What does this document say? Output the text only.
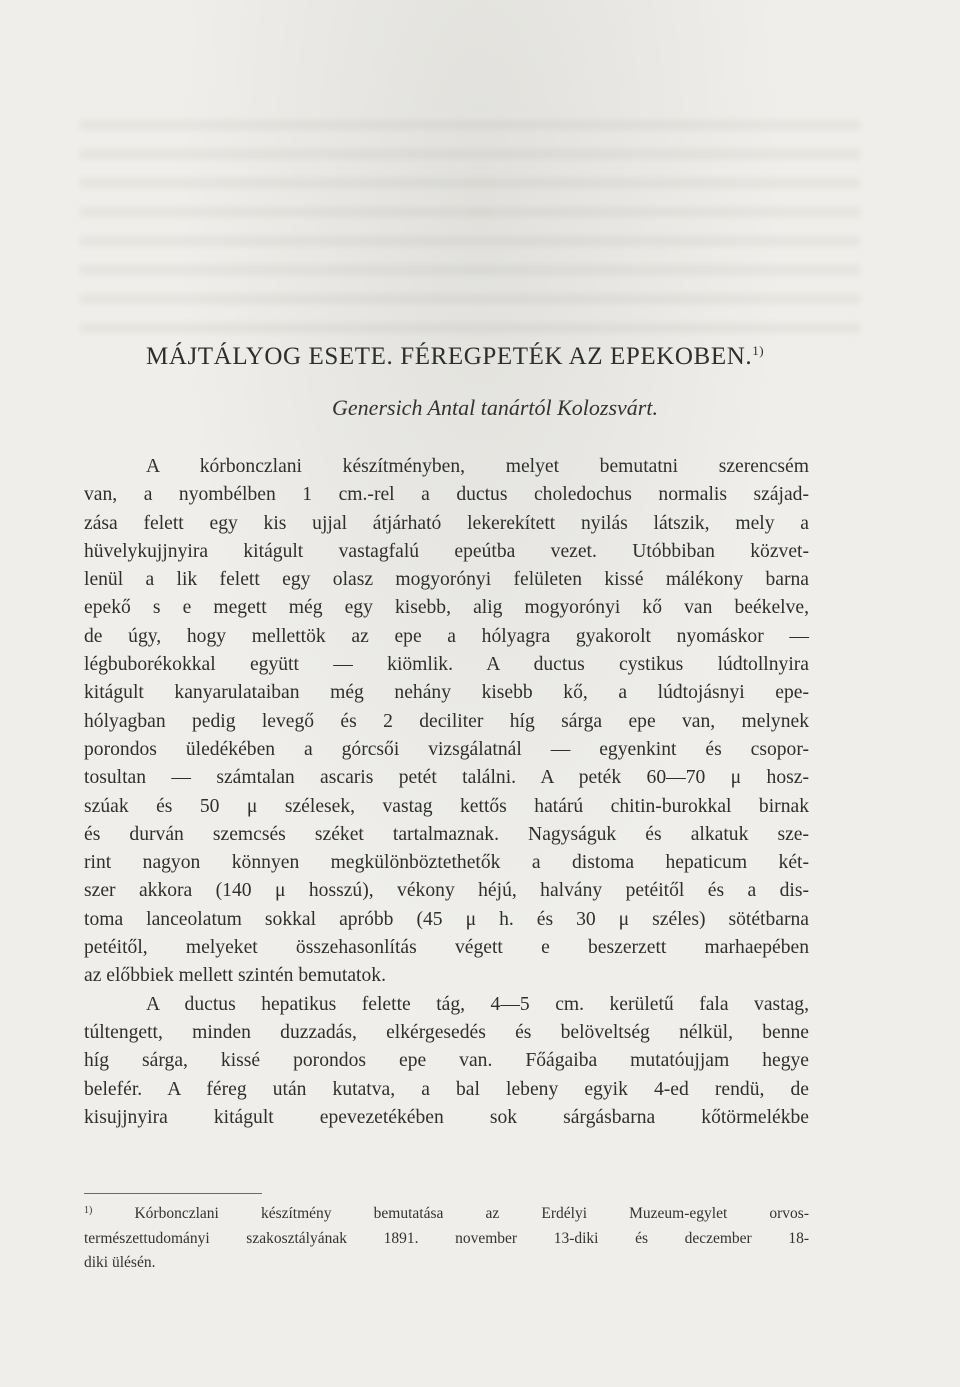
MÁJTÁLYOG ESETE. FÉREGPETÉK AZ EPEKOBEN.$^{1)}$
Genersich Antal tanártól Kolozsvárt.
A kórbonczlani készítményben, melyet bemutatni szerencsém
van, a nyombélben 1 cm.-rel a ductus choledochus normalis szájad-
zása felett egy kis ujjal átjárható lekerekített nyilás látszik, mely a
hüvelykujjnyira kitágult vastagfalú epeútba vezet. Utóbbiban közvet-
lenül a lik felett egy olasz mogyorónyi felületen kissé málékony barna
epekő s e megett még egy kisebb, alig mogyorónyi kő van beékelve,
de úgy, hogy mellettök az epe a hólyagra gyakorolt nyomáskor —
légbuborékokkal együtt — kiömlik. A ductus cystikus lúdtollnyira
kitágult kanyarulataiban még nehány kisebb kő, a lúdtojásnyi epe-
hólyagban pedig levegő és 2 deciliter híg sárga epe van, melynek
porondos üledékében a górcsői vizsgálatnál — egyenkint és csopor-
tosultan — számtalan ascaris petét találni. A peték 60—70 μ hosz-
szúak és 50 μ szélesek, vastag kettős határú chitin-burokkal birnak
és durván szemcsés széket tartalmaznak. Nagyságuk és alkatuk sze-
rint nagyon könnyen megkülönböztethetők a distoma hepaticum két-
szer akkora (140 μ hosszú), vékony héjú, halvány petéitől és a dis-
toma lanceolatum sokkal apróbb (45 μ h. és 30 μ széles) sötétbarna
petéitől, melyeket összehasonlítás végett e beszerzett marhaepében
az előbbiek mellett szintén bemutatok.
A ductus hepatikus felette tág, 4—5 cm. kerületű fala vastag,
túltengett, minden duzzadás, elkérgesedés és belöveltség nélkül, benne
híg sárga, kissé porondos epe van. Főágaiba mutatóujjam hegye
belefér. A féreg után kutatva, a bal lebeny egyik 4-ed rendü, de
kisujjnyira kitágult epevezetékében sok sárgásbarna kőtörmelékbe
$^{1)}$	Kórbonczlani készítmény bemutatása az Erdélyi Muzeum-egylet orvos-
természettudományi szakosztályának 1891. november 13-diki és deczember 18-
diki ülésén.
